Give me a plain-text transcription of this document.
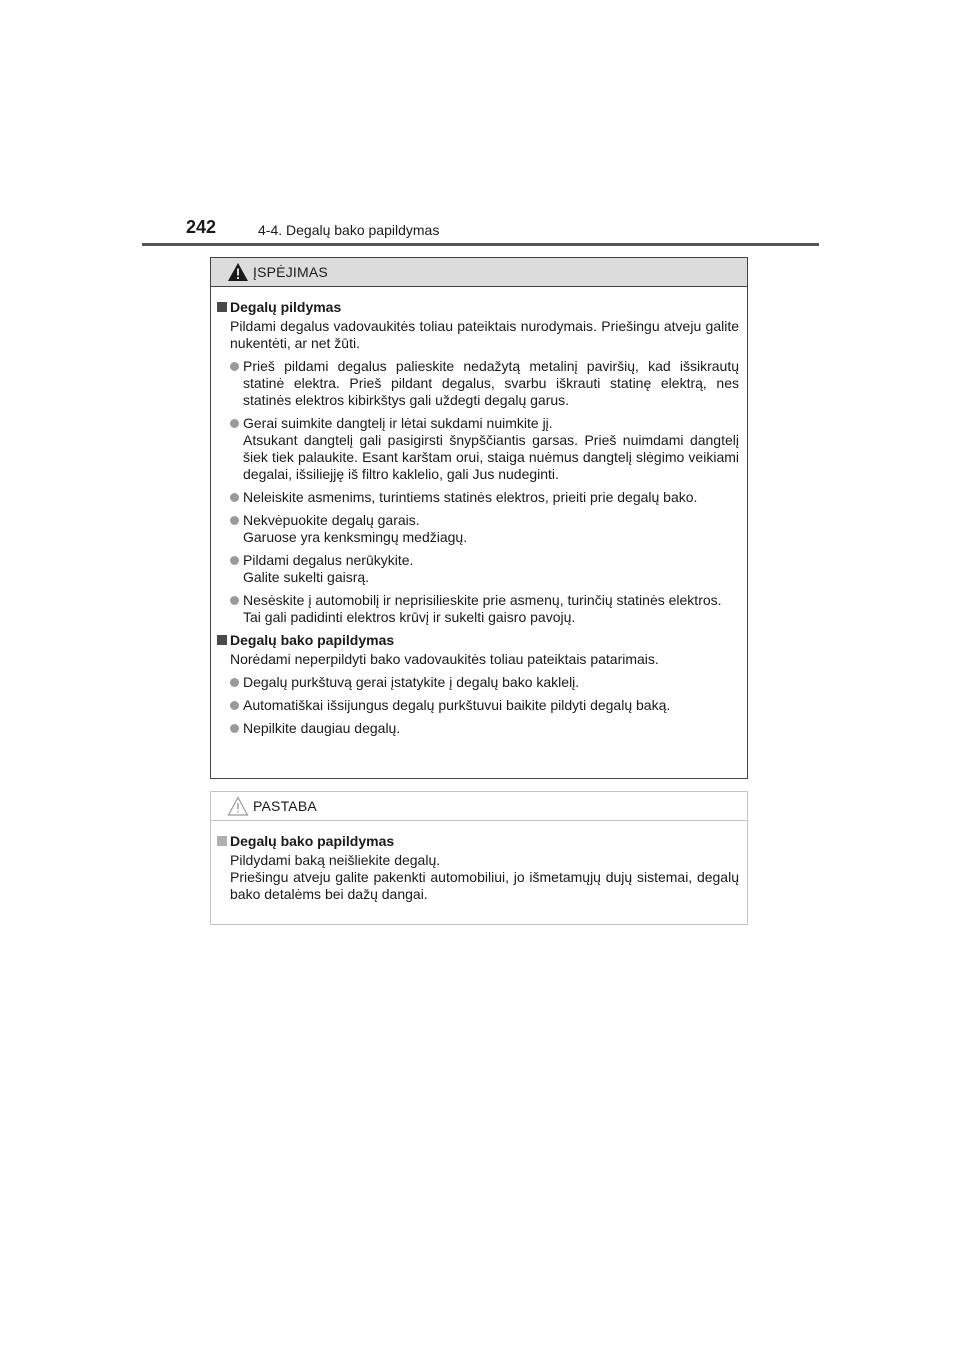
242	4-4. Degalų bako papildymas
ĮSPĖJIMAS
Degalų pildymas
Pildami degalus vadovaukitės toliau pateiktais nurodymais. Priešingu atveju galite nukentėti, ar net žūti.
Prieš pildami degalus palieskite nedažytą metalinį paviršių, kad išsikrautų statinė elektra. Prieš pildant degalus, svarbu iškrauti statinę elektrą, nes statinės elektros kibirkštys gali uždegti degalų garus.
Gerai suimkite dangtelį ir lėtai sukdami nuimkite jį.
Atsukant dangtelį gali pasigirsti šnypščiantis garsas. Prieš nuimdami dangtelį šiek tiek palaukite. Esant karštam orui, staiga nuėmus dangtelį slėgimo veikiami degalai, išsiliejję iš filtro kaklelio, gali Jus nudeginti.
Neleiskite asmenims, turintiems statinės elektros, prieiti prie degalų bako.
Nekvėpuokite degalų garais.
Garuose yra kenksmingų medžiagų.
Pildami degalus nerūkykite.
Galite sukelti gaisrą.
Nesėskite į automobilį ir neprisilieskite prie asmenų, turinčių statinės elektros.
Tai gali padidinti elektros krūvį ir sukelti gaisro pavojų.
Degalų bako papildymas
Norėdami neperpildyti bako vadovaukitės toliau pateiktais patarimais.
Degalų purkštuvą gerai įstatykite į degalų bako kaklelį.
Automatiškai išsijungus degalų purkštuvui baikite pildyti degalų baką.
Nepilkite daugiau degalų.
PASTABA
Degalų bako papildymas
Pildydami baką neišliekite degalų.
Priešingu atveju galite pakenkti automobiliui, jo išmetamųjų dujų sistemai, degalų bako detalėms bei dažų dangai.
